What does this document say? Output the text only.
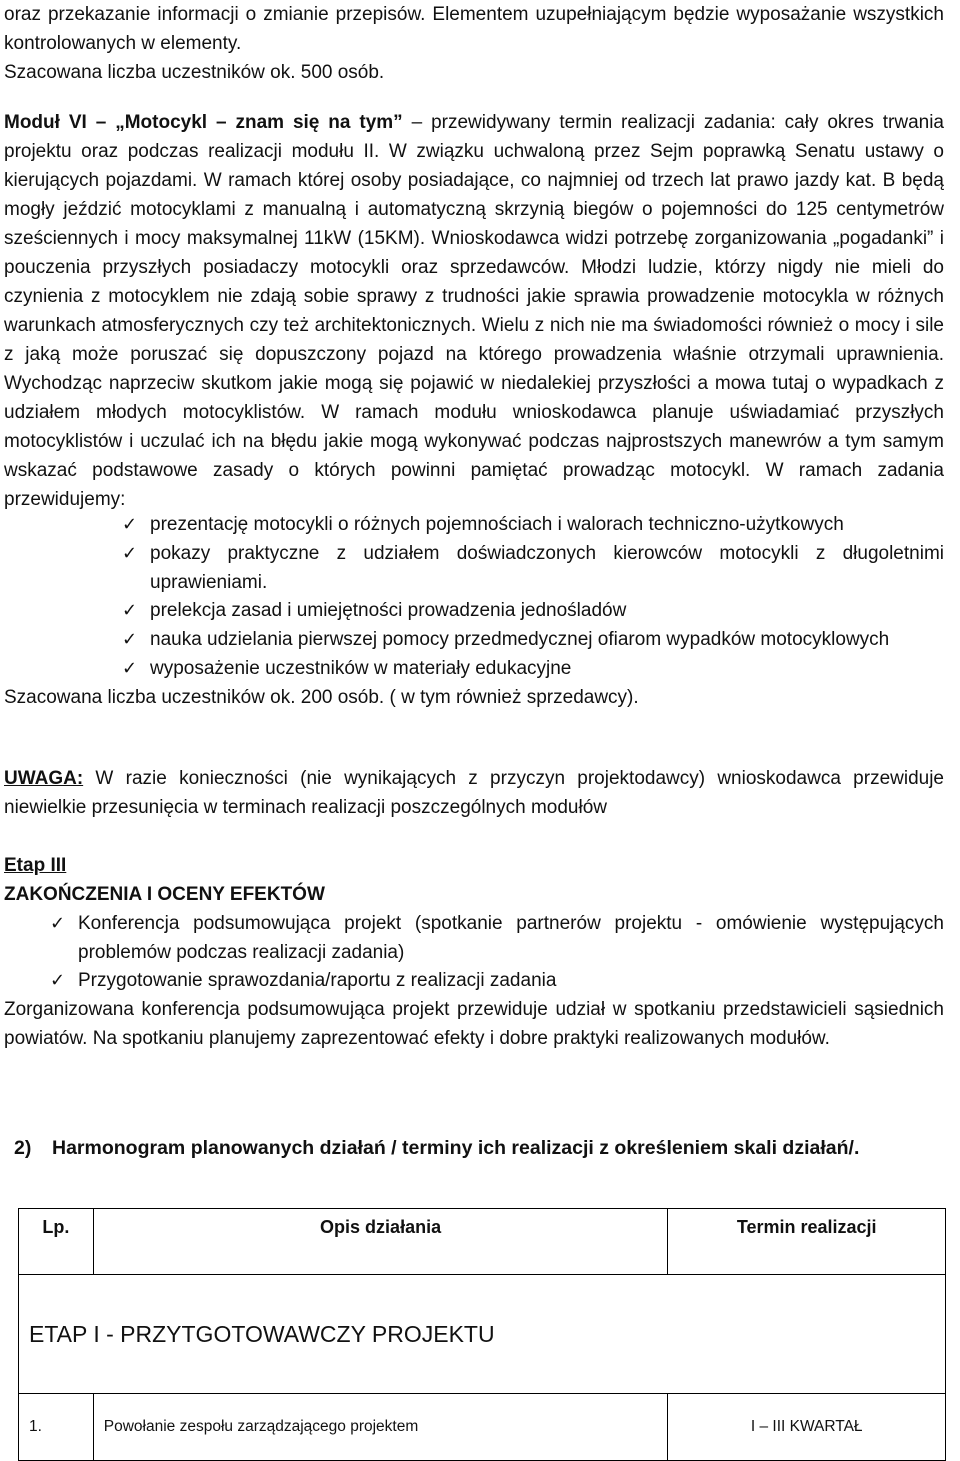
oraz przekazanie informacji o zmianie przepisów. Elementem uzupełniającym będzie wyposażanie wszystkich kontrolowanych w elementy.
Szacowana liczba uczestników ok. 500 osób.

Moduł VI – „Motocykl – znam się na tym” – przewidywany termin realizacji zadania: cały okres trwania projektu oraz podczas realizacji modułu II. W związku uchwaloną przez Sejm poprawką Senatu ustawy o kierujących pojazdami. W ramach której osoby posiadające, co najmniej od trzech lat prawo jazdy kat. B będą mogły jeździć motocyklami z manualną i automatyczną skrzynią biegów o pojemności do 125 centymetrów sześciennych i mocy maksymalnej 11kW (15KM). Wnioskodawca widzi potrzebę zorganizowania „pogadanki” i pouczenia przyszłych posiadaczy motocykli oraz sprzedawców. Młodzi ludzie, którzy nigdy nie mieli do czynienia z motocyklem nie zdają sobie sprawy z trudności jakie sprawia prowadzenie motocykla w różnych warunkach atmosferycznych czy też architektonicznych. Wielu z nich nie ma świadomości również o mocy i sile z jaką może poruszać się dopuszczony pojazd na którego prowadzenia właśnie otrzymali uprawnienia. Wychodząc naprzeciw skutkom jakie mogą się pojawić w niedalekiej przyszłości a mowa tutaj o wypadkach z udziałem młodych motocyklistów. W ramach modułu wnioskodawca planuje uświadamiać przyszłych motocyklistów i uczulać ich na błędu jakie mogą wykonywać podczas najprostszych manewrów a tym samym wskazać podstawowe zasady o których powinni pamiętać prowadząc motocykl. W ramach zadania przewidujemy:

✓ prezentację motocykli o różnych pojemnościach i walorach techniczno-użytkowych

✓ pokazy praktyczne z udziałem doświadczonych kierowców motocykli z długoletnimi uprawieniami.

✓ prelekcja zasad i umiejętności prowadzenia jednośladów

✓ nauka udzielania pierwszej pomocy przedmedycznej ofiarom wypadków motocyklowych

✓ wyposażenie uczestników w materiały edukacyjne

Szacowana liczba uczestników ok. 200 osób. ( w tym również sprzedawcy).

UWAGA: W razie konieczności (nie wynikających z przyczyn projektodawcy) wnioskodawca przewiduje niewielkie przesunięcia w terminach realizacji poszczególnych modułów

Etap III

ZAKOŃCZENIA I OCENY EFEKTÓW

✓ Konferencja podsumowująca projekt (spotkanie partnerów projektu - omówienie występujących problemów podczas realizacji zadania)

✓ Przygotowanie sprawozdania/raportu z realizacji zadania

Zorganizowana konferencja podsumowująca projekt przewiduje udział w spotkaniu przedstawicieli sąsiednich powiatów. Na spotkaniu planujemy zaprezentować efekty i dobre praktyki realizowanych modułów.

2)	Harmonogram planowanych działań / terminy ich realizacji z określeniem skali działań/.
Lp.	Opis działania	Termin realizacji
ETAP I - PRZYTGOTOWAWCZY PROJEKTU		
1.	Powołanie zespołu zarządzającego projektem	I – III KWARTAŁ
